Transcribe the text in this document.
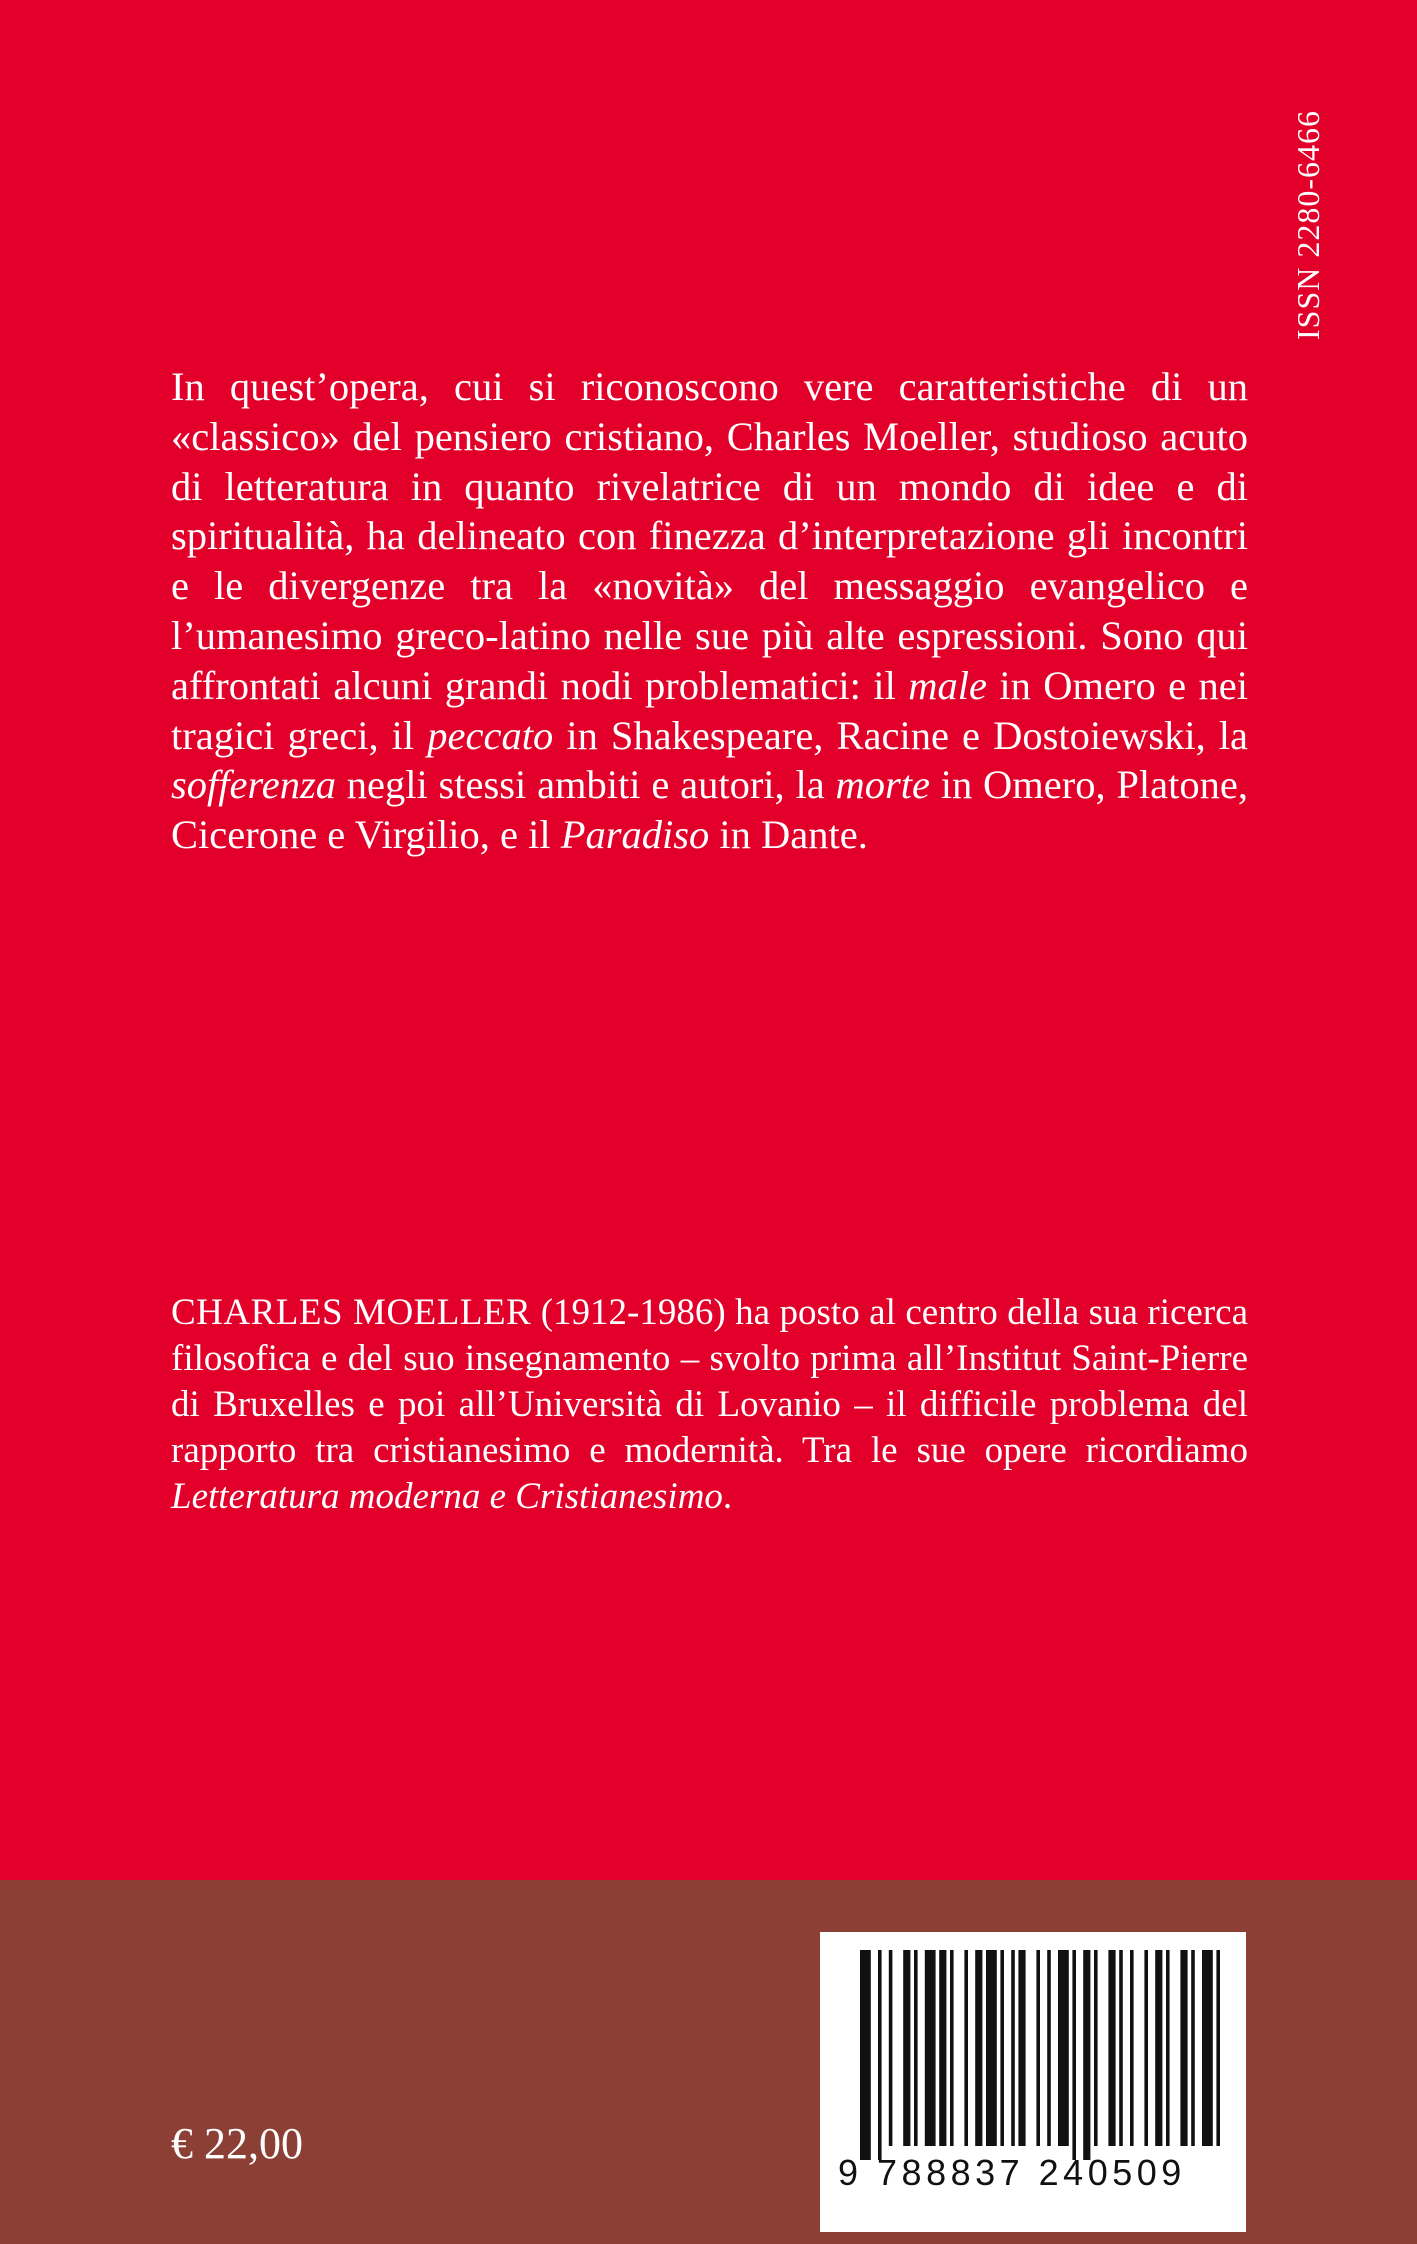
ISSN 2280-6466

In quest’opera, cui si riconoscono vere caratteristiche di un «classico» del pensiero cristiano, Charles Moeller, studioso acuto di letteratura in quanto rivelatrice di un mondo di idee e di spiritualità, ha delineato con finezza d’interpretazione gli incontri e le divergenze tra la «novità» del messaggio evangelico e l’umanesimo greco-latino nelle sue più alte espressioni. Sono qui affrontati alcuni grandi nodi problematici: il male in Omero e nei tragici greci, il peccato in Shakespeare, Racine e Dostoiewski, la sofferenza negli stessi ambiti e autori, la morte in Omero, Platone, Cicerone e Virgilio, e il Paradiso in Dante.

CHARLES MOELLER (1912-1986) ha posto al centro della sua ricerca filosofica e del suo insegnamento – svolto prima all’Institut Saint-Pierre di Bruxelles e poi all’Università di Lovanio – il difficile problema del rapporto tra cristianesimo e modernità. Tra le sue opere ricordiamo Letteratura moderna e Cristianesimo.

€ 22,00
9 788837 240509
